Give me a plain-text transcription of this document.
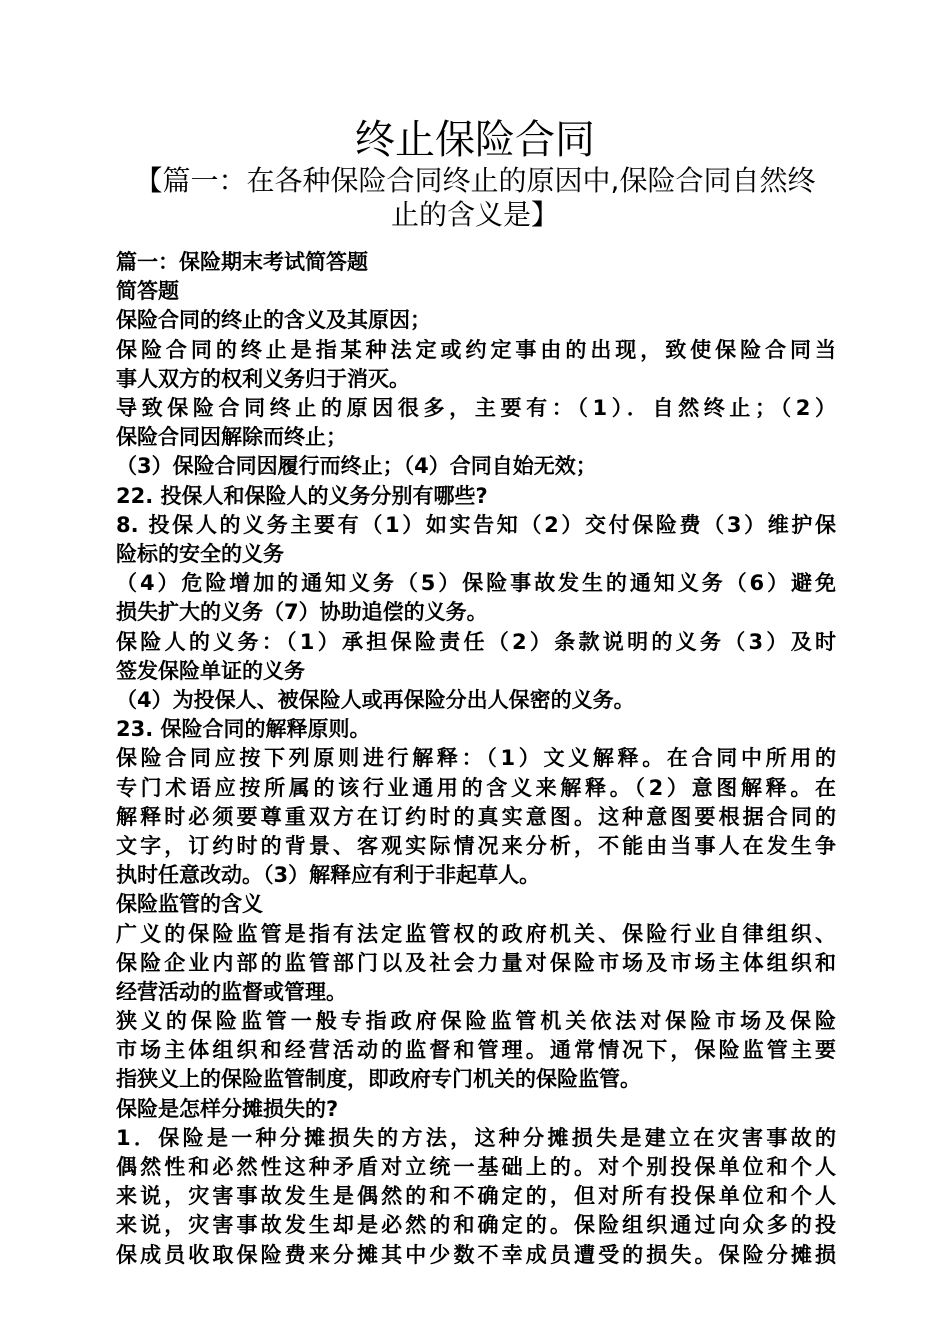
终止保险合同
【篇一：在各种保险合同终止的原因中,保险合同自然终
止的含义是】
篇一：保险期末考试简答题
简答题
保险合同的终止的含义及其原因；
保险合同的终止是指某种法定或约定事由的出现，致使保险合同当
事人双方的权利义务归于消灭。
导致保险合同终止的原因很多，主要有：（1）．自然终止；（2）
保险合同因解除而终止；
（3）保险合同因履行而终止；（4）合同自始无效；
22. 投保人和保险人的义务分别有哪些?
8. 投保人的义务主要有（1）如实告知（2）交付保险费（3）维护保
险标的安全的义务
（4）危险增加的通知义务（5）保险事故发生的通知义务（6）避免
损失扩大的义务（7）协助追偿的义务。
保险人的义务：（1）承担保险责任（2）条款说明的义务（3）及时
签发保险单证的义务
（4）为投保人、被保险人或再保险分出人保密的义务。
23. 保险合同的解释原则。
保险合同应按下列原则进行解释：（1）文义解释。在合同中所用的
专门术语应按所属的该行业通用的含义来解释。（2）意图解释。在
解释时必须要尊重双方在订约时的真实意图。这种意图要根据合同的
文字，订约时的背景、客观实际情况来分析，不能由当事人在发生争
执时任意改动。（3）解释应有利于非起草人。
保险监管的含义
广义的保险监管是指有法定监管权的政府机关、保险行业自律组织、
保险企业内部的监管部门以及社会力量对保险市场及市场主体组织和
经营活动的监督或管理。
狭义的保险监管一般专指政府保险监管机关依法对保险市场及保险
市场主体组织和经营活动的监督和管理。通常情况下，保险监管主要
指狭义上的保险监管制度，即政府专门机关的保险监管。
保险是怎样分摊损失的?
1．保险是一种分摊损失的方法，这种分摊损失是建立在灾害事故的
偶然性和必然性这种矛盾对立统一基础上的。对个别投保单位和个人
来说，灾害事故发生是偶然的和不确定的，但对所有投保单位和个人
来说，灾害事故发生却是必然的和确定的。保险组织通过向众多的投
保成员收取保险费来分摊其中少数不幸成员遭受的损失。保险分摊损
